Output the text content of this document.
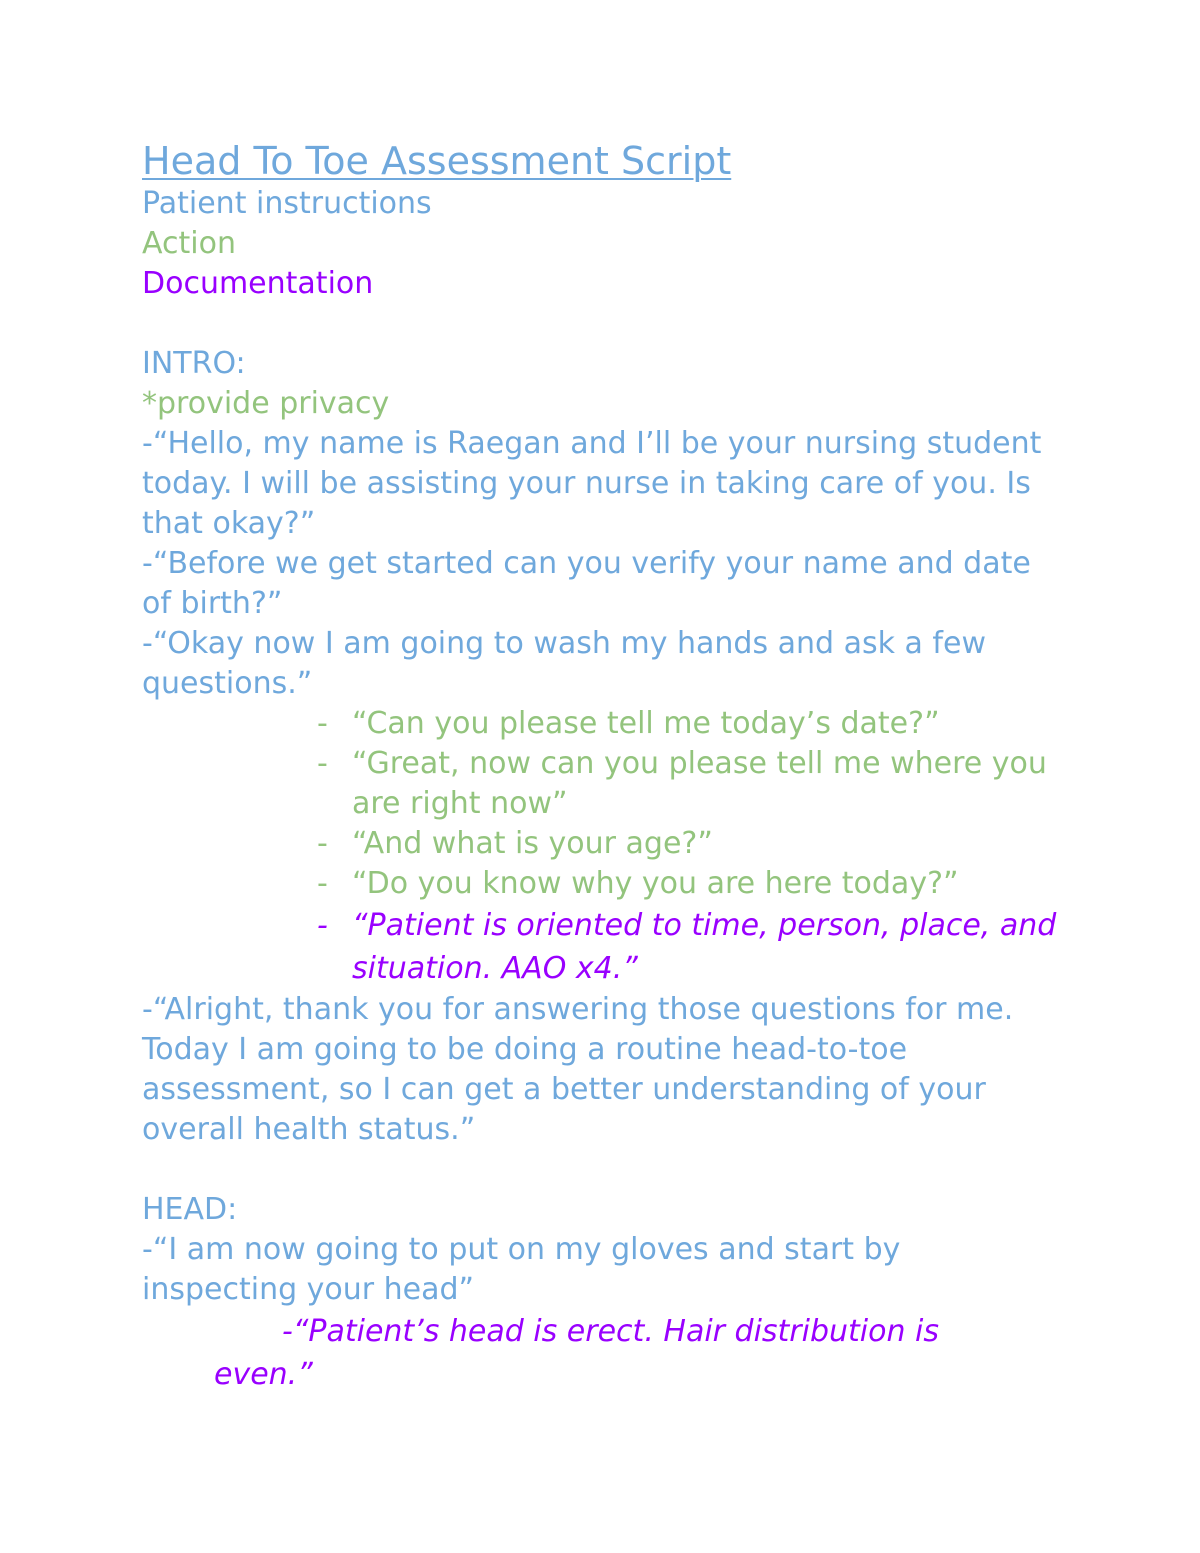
Head To Toe Assessment Script
Patient instructions
Action
Documentation
INTRO:
*provide privacy
-“Hello, my name is Raegan and I’ll be your nursing student today. I will be assisting your nurse in taking care of you. Is that okay?”
-“Before we get started can you verify your name and date of birth?”
-“Okay now I am going to wash my hands and ask a few questions.”
- “Can you please tell me today’s date?”
- “Great, now can you please tell me where you are right now”
- “And what is your age?”
- “Do you know why you are here today?”
- “Patient is oriented to time, person, place, and situation. AAO x4.”
-“Alright, thank you for answering those questions for me. Today I am going to be doing a routine head-to-toe assessment, so I can get a better understanding of your overall health status.”
HEAD:
-“I am now going to put on my gloves and start by inspecting your head”
-“Patient’s head is erect. Hair distribution is
even.”
